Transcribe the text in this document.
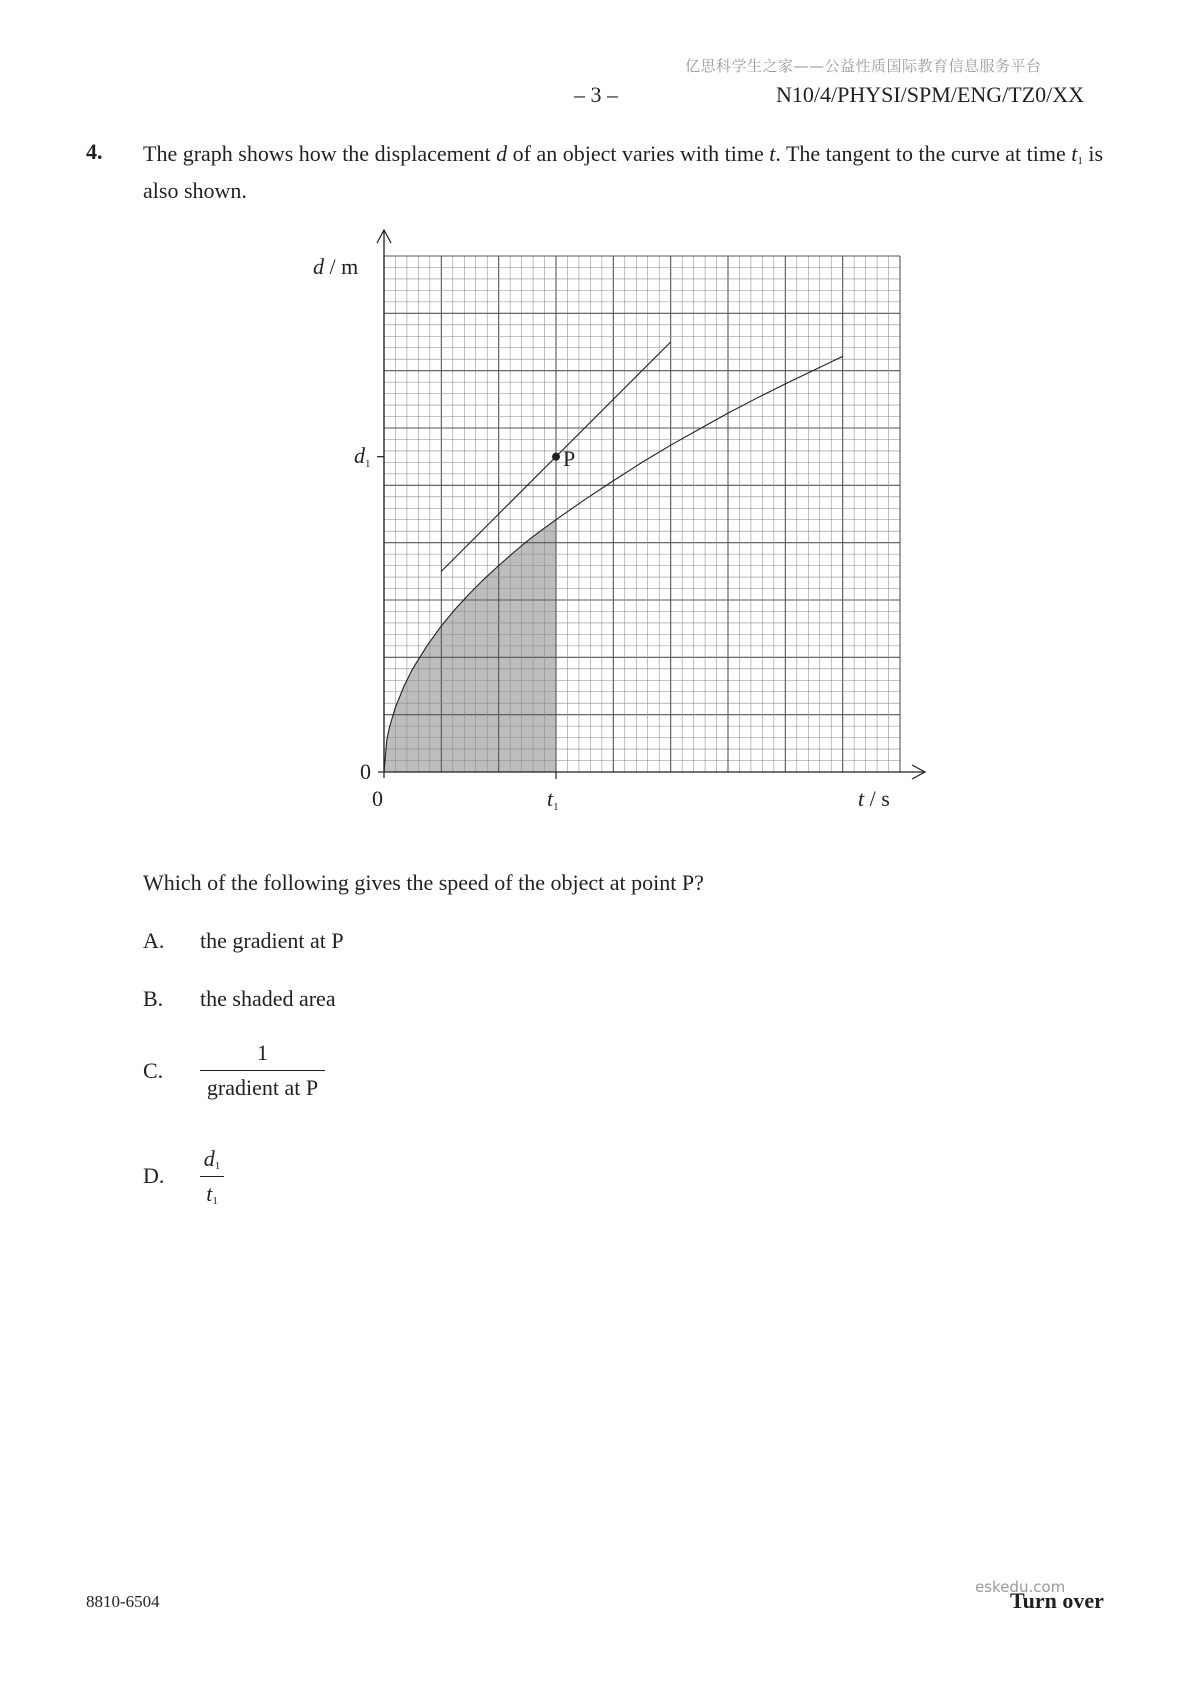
亿思科学生之家——公益性质国际教育信息服务平台
– 3 –	N10/4/PHYSI/SPM/ENG/TZ0/XX
4. The graph shows how the displacement d of an object varies with time t. The tangent to the curve at time $t_1$ is also shown.
d / m
t / s
0
0
t1
d1	P
Which of the following gives the speed of the object at point P?
A. the gradient at P
B. the shaded area
C.
1
gradient at P
D. $\frac{d_1}{t_1}$
8810-6504
eskedu.com
Turn over
